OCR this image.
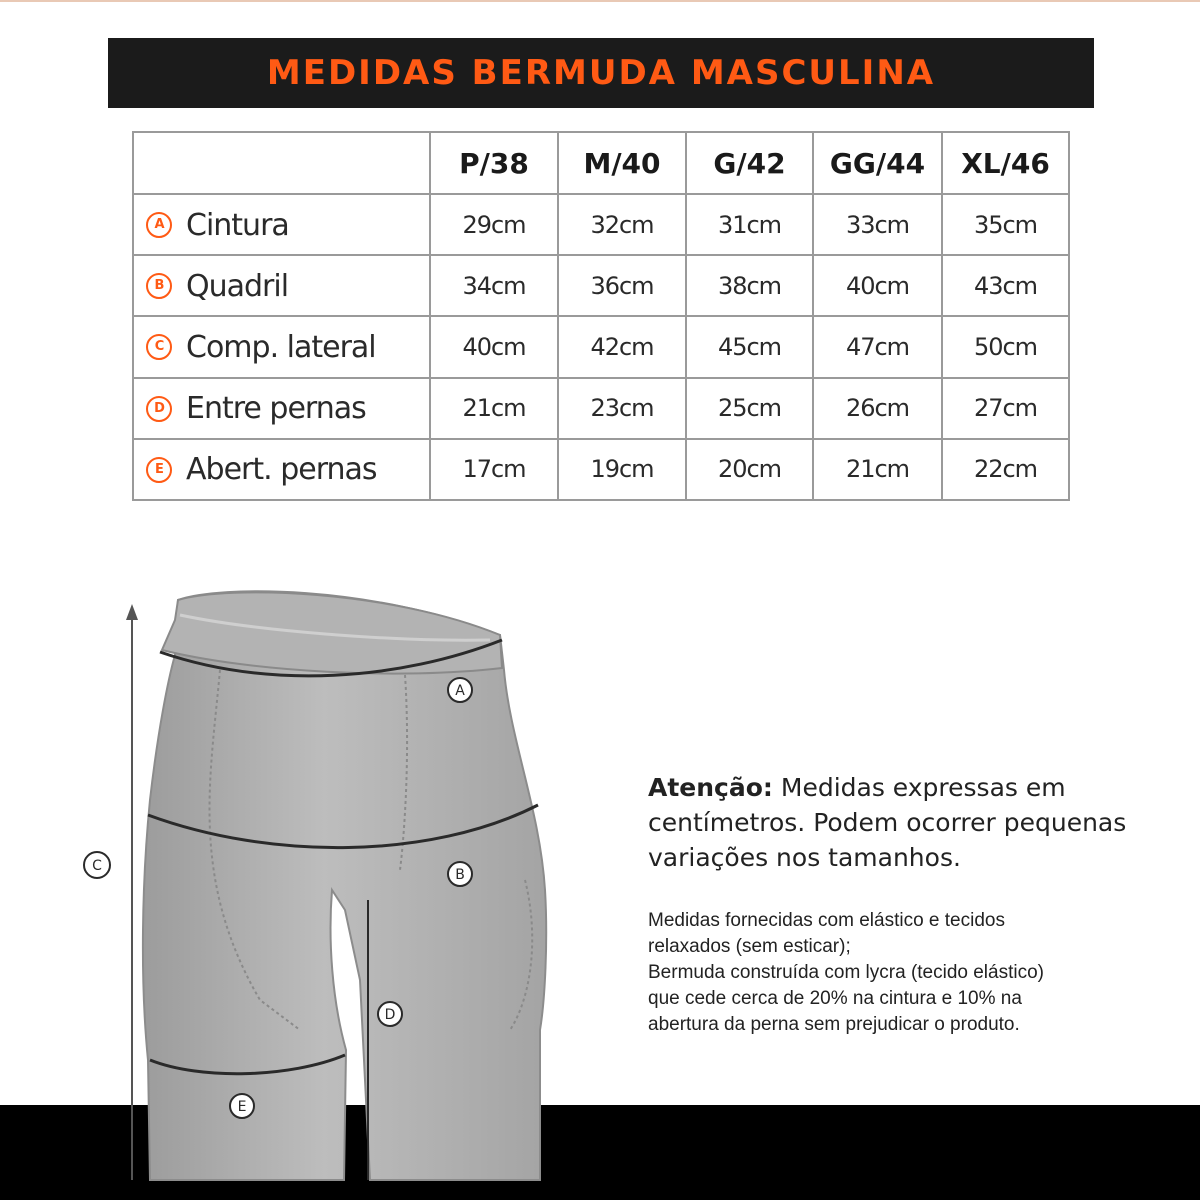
MEDIDAS BERMUDA MASCULINA
	P/38	M/40	G/42	GG/44	XL/46
A Cintura	29cm	32cm	31cm	33cm	35cm
B Quadril	34cm	36cm	38cm	40cm	43cm
C Comp. lateral	40cm	42cm	45cm	47cm	50cm
D Entre pernas	21cm	23cm	25cm	26cm	27cm
E Abert. pernas	17cm	19cm	20cm	21cm	22cm
A
B
C
D
E
Atenção: Medidas expressas em centímetros. Podem ocorrer pequenas variações nos tamanhos.
Medidas fornecidas com elástico e tecidos
relaxados (sem esticar);
Bermuda construída com lycra (tecido elástico)
que cede cerca de 20% na cintura e 10% na
abertura da perna sem prejudicar o produto.
